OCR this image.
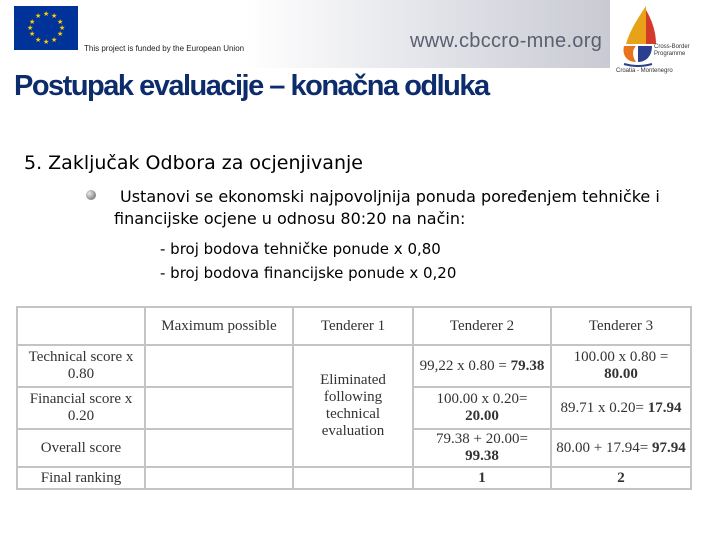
★ ★
★
★
★
★
★
★
★
★
★
★
This project is funded by the European Union	www.cbccro-mne.org	Cross-Border
Programme
Croatia - Montenegro
Postupak evaluacije – konačna odluka
5. Zaključak Odbora za ocjenjivanje
Ustanovi se ekonomski najpovoljnija ponuda poređenjem tehničke i financijske ocjene u odnosu 80:20 na način:
- broj bodova tehničke ponude x 0,80
- broj bodova financijske ponude x 0,20
	Maximum possible	Tenderer 1	Tenderer 2	Tenderer 3
Technical score x 0.80		Eliminated following technical evaluation	99,22 x 0.80 = 79.38	100.00 x 0.80 = 80.00
Financial score x 0.20			100.00 x 0.20= 20.00	89.71 x 0.20= 17.94
Overall score			79.38 + 20.00= 99.38	80.00 + 17.94= 97.94
Final ranking			1	2
